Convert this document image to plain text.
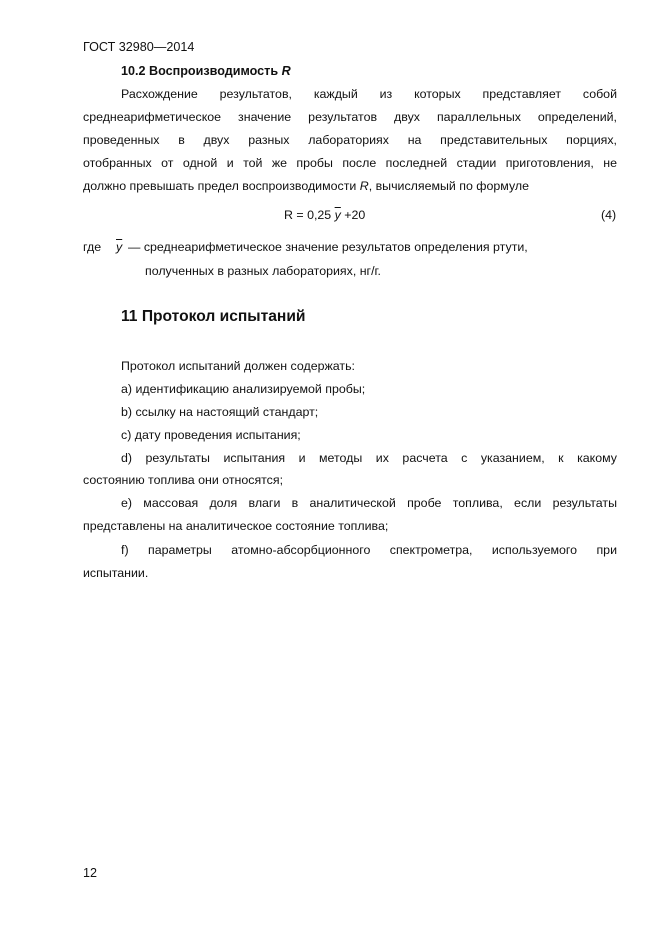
ГОСТ 32980—2014
10.2 Воспроизводимость R
Расхождение результатов, каждый из которых представляет собой
среднеарифметическое значение результатов двух параллельных определений,
проведенных в двух разных лабораториях на представительных порциях,
отобранных от одной и той же пробы после последней стадии приготовления, не
должно превышать предел воспроизводимости R, вычисляемый по формуле
R = 0,25 $\overline{y} +20$	(4)
где $\overline{y}$ — среднеарифметическое значение результатов определения ртути,
полученных в разных лабораториях, нг/г.
11 Протокол испытаний
Протокол испытаний должен содержать:
a) идентификацию анализируемой пробы;
b) ссылку на настоящий стандарт;
c) дату проведения испытания;
d) результаты испытания и методы их расчета с указанием, к какому
состоянию топлива они относятся;
e) массовая доля влаги в аналитической пробе топлива, если результаты
представлены на аналитическое состояние топлива;
f) параметры атомно-абсорбционного спектрометра, используемого при
испытании.
12
